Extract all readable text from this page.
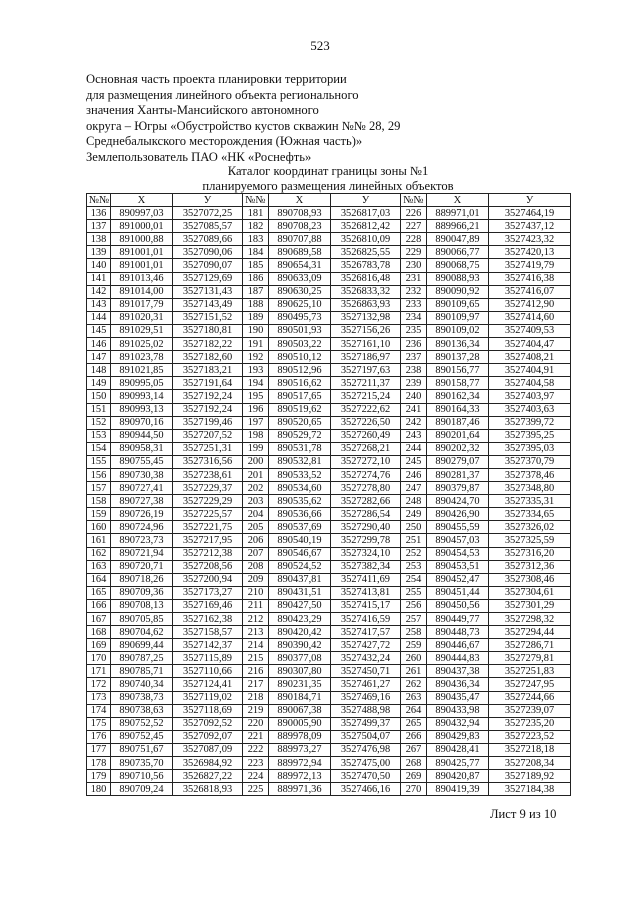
523
Основная часть проекта планировки территории
для размещения линейного объекта регионального
значения Ханты-Мансийского автономного
округа – Югры «Обустройство кустов скважин №№ 28, 29
Среднебалыкского месторождения (Южная часть)»
Землепользователь ПАО «НК «Роснефть»
Каталог координат границы зоны №1
планируемого размещения линейных объектов
№№	X	У	№№	X	У	№№	X	У
136	890997,03	3527072,25	181	890708,93	3526817,03	226	889971,01	3527464,19
137	891000,01	3527085,57	182	890708,23	3526812,42	227	889966,21	3527437,12
138	891000,88	3527089,66	183	890707,88	3526810,09	228	890047,89	3527423,32
139	891001,01	3527090,06	184	890689,58	3526825,55	229	890066,77	3527420,13
140	891001,01	3527090,07	185	890654,31	3526783,78	230	890068,75	3527419,79
141	891013,46	3527129,69	186	890633,09	3526816,48	231	890088,93	3527416,38
142	891014,00	3527131,43	187	890630,25	3526833,32	232	890090,92	3527416,07
143	891017,79	3527143,49	188	890625,10	3526863,93	233	890109,65	3527412,90
144	891020,31	3527151,52	189	890495,73	3527132,98	234	890109,97	3527414,60
145	891029,51	3527180,81	190	890501,93	3527156,26	235	890109,02	3527409,53
146	891025,02	3527182,22	191	890503,22	3527161,10	236	890136,34	3527404,47
147	891023,78	3527182,60	192	890510,12	3527186,97	237	890137,28	3527408,21
148	891021,85	3527183,21	193	890512,96	3527197,63	238	890156,77	3527404,91
149	890995,05	3527191,64	194	890516,62	3527211,37	239	890158,77	3527404,58
150	890993,14	3527192,24	195	890517,65	3527215,24	240	890162,34	3527403,97
151	890993,13	3527192,24	196	890519,62	3527222,62	241	890164,33	3527403,63
152	890970,16	3527199,46	197	890520,65	3527226,50	242	890187,46	3527399,72
153	890944,50	3527207,52	198	890529,72	3527260,49	243	890201,64	3527395,25
154	890958,31	3527251,31	199	890531,78	3527268,21	244	890202,32	3527395,03
155	890755,45	3527316,56	200	890532,81	3527272,10	245	890279,07	3527370,79
156	890730,38	3527238,61	201	890533,52	3527274,76	246	890281,37	3527378,46
157	890727,41	3527229,37	202	890534,60	3527278,80	247	890379,87	3527348,80
158	890727,38	3527229,29	203	890535,62	3527282,66	248	890424,70	3527335,31
159	890726,19	3527225,57	204	890536,66	3527286,54	249	890426,90	3527334,65
160	890724,96	3527221,75	205	890537,69	3527290,40	250	890455,59	3527326,02
161	890723,73	3527217,95	206	890540,19	3527299,78	251	890457,03	3527325,59
162	890721,94	3527212,38	207	890546,67	3527324,10	252	890454,53	3527316,20
163	890720,71	3527208,56	208	890524,52	3527382,34	253	890453,51	3527312,36
164	890718,26	3527200,94	209	890437,81	3527411,69	254	890452,47	3527308,46
165	890709,36	3527173,27	210	890431,51	3527413,81	255	890451,44	3527304,61
166	890708,13	3527169,46	211	890427,50	3527415,17	256	890450,56	3527301,29
167	890705,85	3527162,38	212	890423,29	3527416,59	257	890449,77	3527298,32
168	890704,62	3527158,57	213	890420,42	3527417,57	258	890448,73	3527294,44
169	890699,44	3527142,37	214	890390,42	3527427,72	259	890446,67	3527286,71
170	890787,25	3527115,89	215	890377,08	3527432,24	260	890444,83	3527279,81
171	890785,71	3527110,66	216	890307,80	3527450,71	261	890437,38	3527251,83
172	890740,34	3527124,41	217	890231,35	3527461,27	262	890436,34	3527247,95
173	890738,73	3527119,02	218	890184,71	3527469,16	263	890435,47	3527244,66
174	890738,63	3527118,69	219	890067,38	3527488,98	264	890433,98	3527239,07
175	890752,52	3527092,52	220	890005,90	3527499,37	265	890432,94	3527235,20
176	890752,45	3527092,07	221	889978,09	3527504,07	266	890429,83	3527223,52
177	890751,67	3527087,09	222	889973,27	3527476,98	267	890428,41	3527218,18
178	890735,70	3526984,92	223	889972,94	3527475,00	268	890425,77	3527208,34
179	890710,56	3526827,22	224	889972,13	3527470,50	269	890420,87	3527189,92
180	890709,24	3526818,93	225	889971,36	3527466,16	270	890419,39	3527184,38
Лист 9 из 10
